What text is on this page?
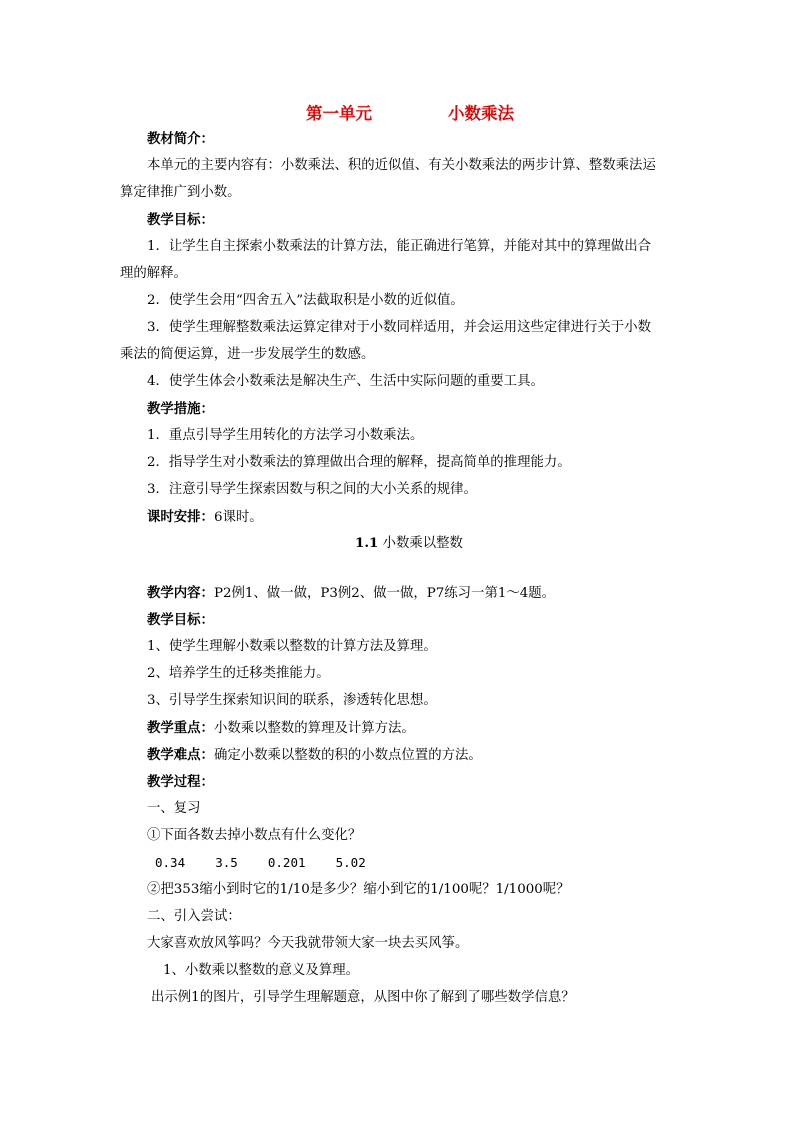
第一单元	小数乘法
教材简介：
本单元的主要内容有：小数乘法、积的近似值、有关小数乘法的两步计算、整数乘法运
算定律推广到小数。
教学目标：
1．让学生自主探索小数乘法的计算方法，能正确进行笔算，并能对其中的算理做出合
理的解释。
2．使学生会用“四舍五入”法截取积是小数的近似值。
3．使学生理解整数乘法运算定律对于小数同样适用，并会运用这些定律进行关于小数
乘法的简便运算，进一步发展学生的数感。
4．使学生体会小数乘法是解决生产、生活中实际问题的重要工具。
教学措施：
1．重点引导学生用转化的方法学习小数乘法。
2．指导学生对小数乘法的算理做出合理的解释，提高简单的推理能力。
3．注意引导学生探索因数与积之间的大小关系的规律。
课时安排：6课时。
1.1 小数乘以整数
教学内容：P2例1、做一做，P3例2、做一做，P7练习一第1～4题。
教学目标：
1、使学生理解小数乘以整数的计算方法及算理。
2、培养学生的迁移类推能力。
3、引导学生探索知识间的联系，渗透转化思想。
教学重点：小数乘以整数的算理及计算方法。
教学难点：确定小数乘以整数的积的小数点位置的方法。
教学过程：
一、复习
①下面各数去掉小数点有什么变化？
0.34    3.5    0.201    5.02
②把353缩小到时它的1/10是多少？缩小到它的1/100呢？1/1000呢？
二、引入尝试：
大家喜欢放风筝吗？今天我就带领大家一块去买风筝。
1、小数乘以整数的意义及算理。
出示例1的图片，引导学生理解题意，从图中你了解到了哪些数学信息？
